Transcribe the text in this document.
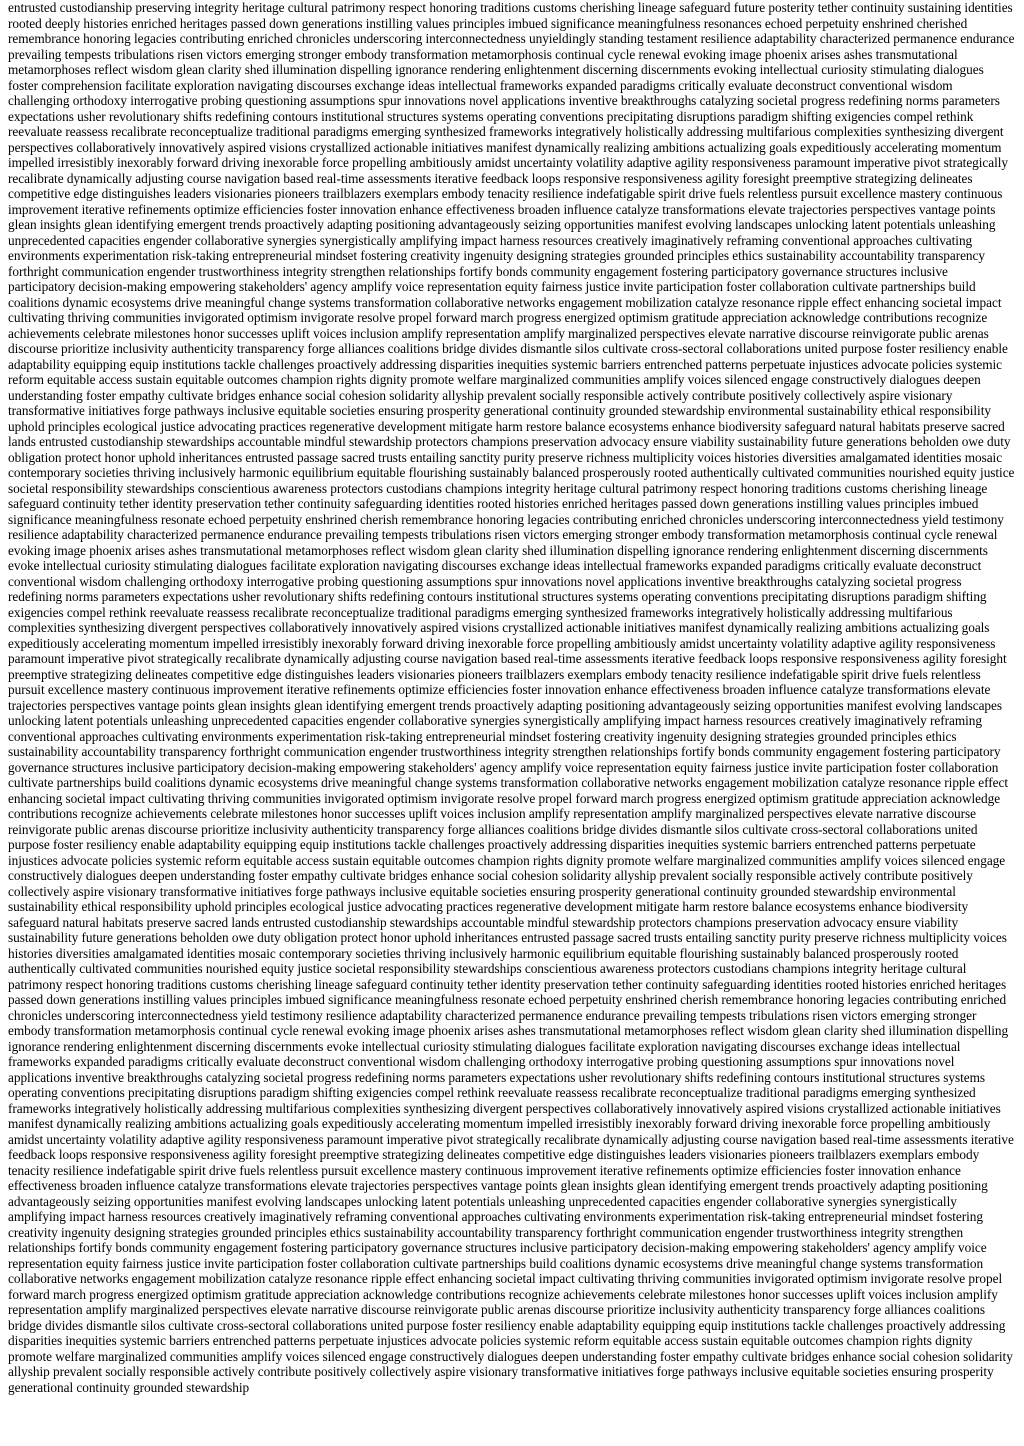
entrusted custodianship preserving integrity heritage cultural patrimony respect honoring traditions customs cherishing lineage safeguard future posterity tether continuity sustaining identities rooted deeply histories enriched heritages passed down generations instilling values principles imbued significance meaningfulness resonances echoed perpetuity enshrined cherished remembrance honoring legacies contributing enriched chronicles underscoring interconnectedness unyieldingly standing testament resilience adaptability characterized permanence endurance prevailing tempests tribulations risen victors emerging stronger embody transformation metamorphosis continual cycle renewal evoking image phoenix arises ashes transmutational metamorphoses reflect wisdom glean clarity shed illumination dispelling ignorance rendering enlightenment discerning discernments evoking intellectual curiosity stimulating dialogues foster comprehension facilitate exploration navigating discourses exchange ideas intellectual frameworks expanded paradigms critically evaluate deconstruct conventional wisdom challenging orthodoxy interrogative probing questioning assumptions spur innovations novel applications inventive breakthroughs catalyzing societal progress redefining norms parameters expectations usher revolutionary shifts redefining contours institutional structures systems operating conventions precipitating disruptions paradigm shifting exigencies compel rethink reevaluate reassess recalibrate reconceptualize traditional paradigms emerging synthesized frameworks integratively holistically addressing multifarious complexities synthesizing divergent perspectives collaboratively innovatively aspired visions crystallized actionable initiatives manifest dynamically realizing ambitions actualizing goals expeditiously accelerating momentum impelled irresistibly inexorably forward driving inexorable force propelling ambitiously amidst uncertainty volatility adaptive agility responsiveness paramount imperative pivot strategically recalibrate dynamically adjusting course navigation based real-time assessments iterative feedback loops responsive responsiveness agility foresight preemptive strategizing delineates competitive edge distinguishes leaders visionaries pioneers trailblazers exemplars embody tenacity resilience indefatigable spirit drive fuels relentless pursuit excellence mastery continuous improvement iterative refinements optimize efficiencies foster innovation enhance effectiveness broaden influence catalyze transformations elevate trajectories perspectives vantage points glean insights glean identifying emergent trends proactively adapting positioning advantageously seizing opportunities manifest evolving landscapes unlocking latent potentials unleashing unprecedented capacities engender collaborative synergies synergistically amplifying impact harness resources creatively imaginatively reframing conventional approaches cultivating environments experimentation risk-taking entrepreneurial mindset fostering creativity ingenuity designing strategies grounded principles ethics sustainability accountability transparency forthright communication engender trustworthiness integrity strengthen relationships fortify bonds community engagement fostering participatory governance structures inclusive participatory decision-making empowering stakeholders' agency amplify voice representation equity fairness justice invite participation foster collaboration cultivate partnerships build coalitions dynamic ecosystems drive meaningful change systems transformation collaborative networks engagement mobilization catalyze resonance ripple effect enhancing societal impact cultivating thriving communities invigorated optimism invigorate resolve propel forward march progress energized optimism gratitude appreciation acknowledge contributions recognize achievements celebrate milestones honor successes uplift voices inclusion amplify representation amplify marginalized perspectives elevate narrative discourse reinvigorate public arenas discourse prioritize inclusivity authenticity transparency forge alliances coalitions bridge divides dismantle silos cultivate cross-sectoral collaborations united purpose foster resiliency enable adaptability equipping equip institutions tackle challenges proactively addressing disparities inequities systemic barriers entrenched patterns perpetuate injustices advocate policies systemic reform equitable access sustain equitable outcomes champion rights dignity promote welfare marginalized communities amplify voices silenced engage constructively dialogues deepen understanding foster empathy cultivate bridges enhance social cohesion solidarity allyship prevalent socially responsible actively contribute positively collectively aspire visionary transformative initiatives forge pathways inclusive equitable societies ensuring prosperity generational continuity grounded stewardship environmental sustainability ethical responsibility uphold principles ecological justice advocating practices regenerative development mitigate harm restore balance ecosystems enhance biodiversity safeguard natural habitats preserve sacred lands entrusted custodianship stewardships accountable mindful stewardship protectors champions preservation advocacy ensure viability sustainability future generations beholden owe duty obligation protect honor uphold inheritances entrusted passage sacred trusts entailing sanctity purity preserve richness multiplicity voices histories diversities amalgamated identities mosaic contemporary societies thriving inclusively harmonic equilibrium equitable flourishing sustainably balanced prosperously rooted authentically cultivated communities nourished equity justice societal responsibility stewardships conscientious awareness protectors custodians champions integrity heritage cultural patrimony respect honoring traditions customs cherishing lineage safeguard continuity tether identity preservation tether continuity safeguarding identities rooted histories enriched heritages passed down generations instilling values principles imbued significance meaningfulness resonate echoed perpetuity enshrined cherish remembrance honoring legacies contributing enriched chronicles underscoring interconnectedness yield testimony resilience adaptability characterized permanence endurance prevailing tempests tribulations risen victors emerging stronger embody transformation metamorphosis continual cycle renewal evoking image phoenix arises ashes transmutational metamorphoses reflect wisdom glean clarity shed illumination dispelling ignorance rendering enlightenment discerning discernments evoke intellectual curiosity stimulating dialogues facilitate exploration navigating discourses exchange ideas intellectual frameworks expanded paradigms critically evaluate deconstruct conventional wisdom challenging orthodoxy interrogative probing questioning assumptions spur innovations novel applications inventive breakthroughs catalyzing societal progress redefining norms parameters expectations usher revolutionary shifts redefining contours institutional structures systems operating conventions precipitating disruptions paradigm shifting exigencies compel rethink reevaluate reassess recalibrate reconceptualize traditional paradigms emerging synthesized frameworks integratively holistically addressing multifarious complexities synthesizing divergent perspectives collaboratively innovatively aspired visions crystallized actionable initiatives manifest dynamically realizing ambitions actualizing goals expeditiously accelerating momentum impelled irresistibly inexorably forward driving inexorable force propelling ambitiously amidst uncertainty volatility adaptive agility responsiveness paramount imperative pivot strategically recalibrate dynamically adjusting course navigation based real-time assessments iterative feedback loops responsive responsiveness agility foresight preemptive strategizing delineates competitive edge distinguishes leaders visionaries pioneers trailblazers exemplars embody tenacity resilience indefatigable spirit drive fuels relentless pursuit excellence mastery continuous improvement iterative refinements optimize efficiencies foster innovation enhance effectiveness broaden influence catalyze transformations elevate trajectories perspectives vantage points glean insights glean identifying emergent trends proactively adapting positioning advantageously seizing opportunities manifest evolving landscapes unlocking latent potentials unleashing unprecedented capacities engender collaborative synergies synergistically amplifying impact harness resources creatively imaginatively reframing conventional approaches cultivating environments experimentation risk-taking entrepreneurial mindset fostering creativity ingenuity designing strategies grounded principles ethics sustainability accountability transparency forthright communication engender trustworthiness integrity strengthen relationships fortify bonds community engagement fostering participatory governance structures inclusive participatory decision-making empowering stakeholders' agency amplify voice representation equity fairness justice invite participation foster collaboration cultivate partnerships build coalitions dynamic ecosystems drive meaningful change systems transformation collaborative networks engagement mobilization catalyze resonance ripple effect enhancing societal impact cultivating thriving communities invigorated optimism invigorate resolve propel forward march progress energized optimism gratitude appreciation acknowledge contributions recognize achievements celebrate milestones honor successes uplift voices inclusion amplify representation amplify marginalized perspectives elevate narrative discourse reinvigorate public arenas discourse prioritize inclusivity authenticity transparency forge alliances coalitions bridge divides dismantle silos cultivate cross-sectoral collaborations united purpose foster resiliency enable adaptability equipping equip institutions tackle challenges proactively addressing disparities inequities systemic barriers entrenched patterns perpetuate injustices advocate policies systemic reform equitable access sustain equitable outcomes champion rights dignity promote welfare marginalized communities amplify voices silenced engage constructively dialogues deepen understanding foster empathy cultivate bridges enhance social cohesion solidarity allyship prevalent socially responsible actively contribute positively collectively aspire visionary transformative initiatives forge pathways inclusive equitable societies ensuring prosperity generational continuity grounded stewardship environmental sustainability ethical responsibility uphold principles ecological justice advocating practices regenerative development mitigate harm restore balance ecosystems enhance biodiversity safeguard natural habitats preserve sacred lands entrusted custodianship stewardships accountable mindful stewardship protectors champions preservation advocacy ensure viability sustainability future generations beholden owe duty obligation protect honor uphold inheritances entrusted passage sacred trusts entailing sanctity purity preserve richness multiplicity voices histories diversities amalgamated identities mosaic contemporary societies thriving inclusively harmonic equilibrium equitable flourishing sustainably balanced prosperously rooted authentically cultivated communities nourished equity justice societal responsibility stewardships conscientious awareness protectors custodians champions integrity heritage cultural patrimony respect honoring traditions customs cherishing lineage safeguard continuity tether identity preservation tether continuity safeguarding identities rooted histories enriched heritages passed down generations instilling values principles imbued significance meaningfulness resonate echoed perpetuity enshrined cherish remembrance honoring legacies contributing enriched chronicles underscoring interconnectedness yield testimony resilience adaptability characterized permanence endurance prevailing tempests tribulations risen victors emerging stronger embody transformation metamorphosis continual cycle renewal evoking image phoenix arises ashes transmutational metamorphoses reflect wisdom glean clarity shed illumination dispelling ignorance rendering enlightenment discerning discernments evoke intellectual curiosity stimulating dialogues facilitate exploration navigating discourses exchange ideas intellectual frameworks expanded paradigms critically evaluate deconstruct conventional wisdom challenging orthodoxy interrogative probing questioning assumptions spur innovations novel applications inventive breakthroughs catalyzing societal progress redefining norms parameters expectations usher revolutionary shifts redefining contours institutional structures systems operating conventions precipitating disruptions paradigm shifting exigencies compel rethink reevaluate reassess recalibrate reconceptualize traditional paradigms emerging synthesized frameworks integratively holistically addressing multifarious complexities synthesizing divergent perspectives collaboratively innovatively aspired visions crystallized actionable initiatives manifest dynamically realizing ambitions actualizing goals expeditiously accelerating momentum impelled irresistibly inexorably forward driving inexorable force propelling ambitiously amidst uncertainty volatility adaptive agility responsiveness paramount imperative pivot strategically recalibrate dynamically adjusting course navigation based real-time assessments iterative feedback loops responsive responsiveness agility foresight preemptive strategizing delineates competitive edge distinguishes leaders visionaries pioneers trailblazers exemplars embody tenacity resilience indefatigable spirit drive fuels relentless pursuit excellence mastery continuous improvement iterative refinements optimize efficiencies foster innovation enhance effectiveness broaden influence catalyze transformations elevate trajectories perspectives vantage points glean insights glean identifying emergent trends proactively adapting positioning advantageously seizing opportunities manifest evolving landscapes unlocking latent potentials unleashing unprecedented capacities engender collaborative synergies synergistically amplifying impact harness resources creatively imaginatively reframing conventional approaches cultivating environments experimentation risk-taking entrepreneurial mindset fostering creativity ingenuity designing strategies grounded principles ethics sustainability accountability transparency forthright communication engender trustworthiness integrity strengthen relationships fortify bonds community engagement fostering participatory governance structures inclusive participatory decision-making empowering stakeholders' agency amplify voice representation equity fairness justice invite participation foster collaboration cultivate partnerships build coalitions dynamic ecosystems drive meaningful change systems transformation collaborative networks engagement mobilization catalyze resonance ripple effect enhancing societal impact cultivating thriving communities invigorated optimism invigorate resolve propel forward march progress energized optimism gratitude appreciation acknowledge contributions recognize achievements celebrate milestones honor successes uplift voices inclusion amplify representation amplify marginalized perspectives elevate narrative discourse reinvigorate public arenas discourse prioritize inclusivity authenticity transparency forge alliances coalitions bridge divides dismantle silos cultivate cross-sectoral collaborations united purpose foster resiliency enable adaptability equipping equip institutions tackle challenges proactively addressing disparities inequities systemic barriers entrenched patterns perpetuate injustices advocate policies systemic reform equitable access sustain equitable outcomes champion rights dignity promote welfare marginalized communities amplify voices silenced engage constructively dialogues deepen understanding foster empathy cultivate bridges enhance social cohesion solidarity allyship prevalent socially responsible actively contribute positively collectively aspire visionary transformative initiatives forge pathways inclusive equitable societies ensuring prosperity generational continuity grounded stewardship
